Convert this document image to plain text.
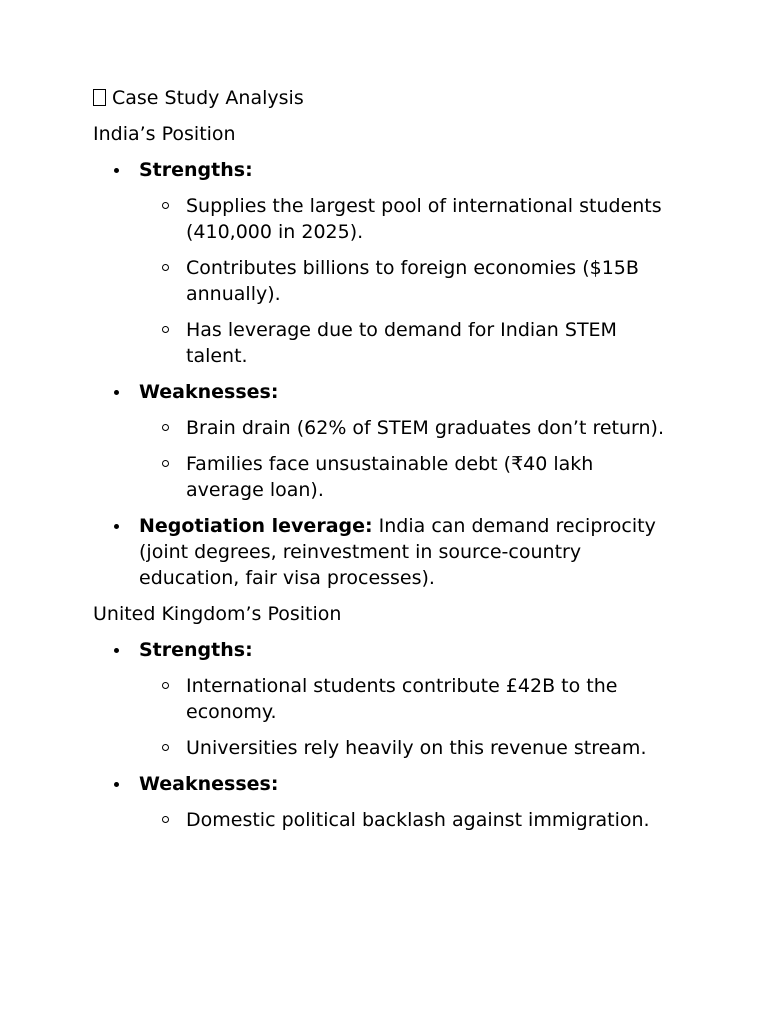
Case Study Analysis

India’s Position

Strengths:
Supplies the largest pool of international students (410,000 in 2025).
Contributes billions to foreign economies ($15B annually).
Has leverage due to demand for Indian STEM talent.
Weaknesses:
Brain drain (62% of STEM graduates don’t return).
Families face unsustainable debt (₹40 lakh average loan).
Negotiation leverage: India can demand reciprocity (joint degrees, reinvestment in source-country education, fair visa processes).

United Kingdom’s Position

Strengths:
International students contribute £42B to the economy.
Universities rely heavily on this revenue stream.
Weaknesses:
Domestic political backlash against immigration.
